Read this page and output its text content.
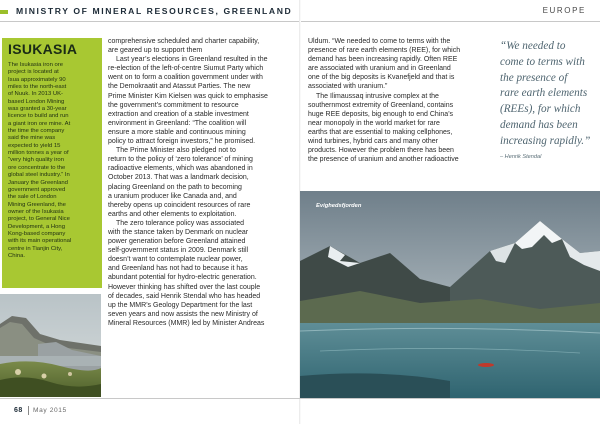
MINISTRY OF MINERAL RESOURCES, GREENLAND	EUROPE
ISUKASIA

The Isukasia iron ore
project is located at
Isua approximately 90
miles to the north-east
of Nuuk. In 2013 UK-
based London Mining
was granted a 30-year
licence to build and run
a giant iron ore mine. At
the time the company
said the mine was
expected to yield 15
million tonnes a year of
“very high quality iron
ore concentrate to the
global steel industry.” In
January the Greenland
government approved
the sale of London
Mining Greenland, the
owner of the Isukasia
project, to General Nice
Development, a Hong
Kong-based company
with its main operational
centre in Tianjin City,
China.

comprehensive scheduled and charter capability,
are geared up to support them

Last year’s elections in Greenland resulted in the
re-election of the left-of-centre Siumut Party which
went on to form a coalition government under with
the Demokraatit and Atassut Parties. The new
Prime Minister Kim Kielsen was quick to emphasise
the government’s commitment to resource
extraction and creation of a stable investment
environment in Greenland: “The coalition will
ensure a more stable and continuous mining
policy to attract foreign investors,” he promised.

The Prime Minister also pledged not to
return to the policy of ‘zero tolerance’ of mining
radioactive elements, which was abandoned in
October 2013. That was a landmark decision,
placing Greenland on the path to becoming
a uranium producer like Canada and, and
thereby opens up coincident resources of rare
earths and other elements to exploitation.

The zero tolerance policy was associated
with the stance taken by Denmark on nuclear
power generation before Greenland attained
self-government status in 2009. Denmark still
doesn’t want to contemplate nuclear power,
and Greenland has not had to because it has
abundant potential for hydro-electric generation.
However thinking has shifted over the last couple
of decades, said Henrik Stendal who has headed
up the MMR’s Geology Department for the last
seven years and now assists the new Ministry of
Mineral Resources (MMR) led by Minister Andreas

Uldum. “We needed to come to terms with the
presence of rare earth elements (REE), for which
demand has been increasing rapidly. Often REE
are associated with uranium and in Greenland
one of the big deposits is Kvanefjeld and that is
associated with uranium.”

The Ilimaussaq intrusive complex at the
southernmost extremity of Greenland, contains
huge REE deposits, big enough to end China’s
near monopoly in the world market for rare
earths that are essential to making cellphones,
wind turbines, hybrid cars and many other
products. However the problem there has been
the presence of uranium and another radioactive

“We needed to
come to terms with
the presence of
rare earth elements
(REEs), for which
demand has been
increasing rapidly.”

– Henrik Stendal
Evighedsfjorden
68 May 2015
